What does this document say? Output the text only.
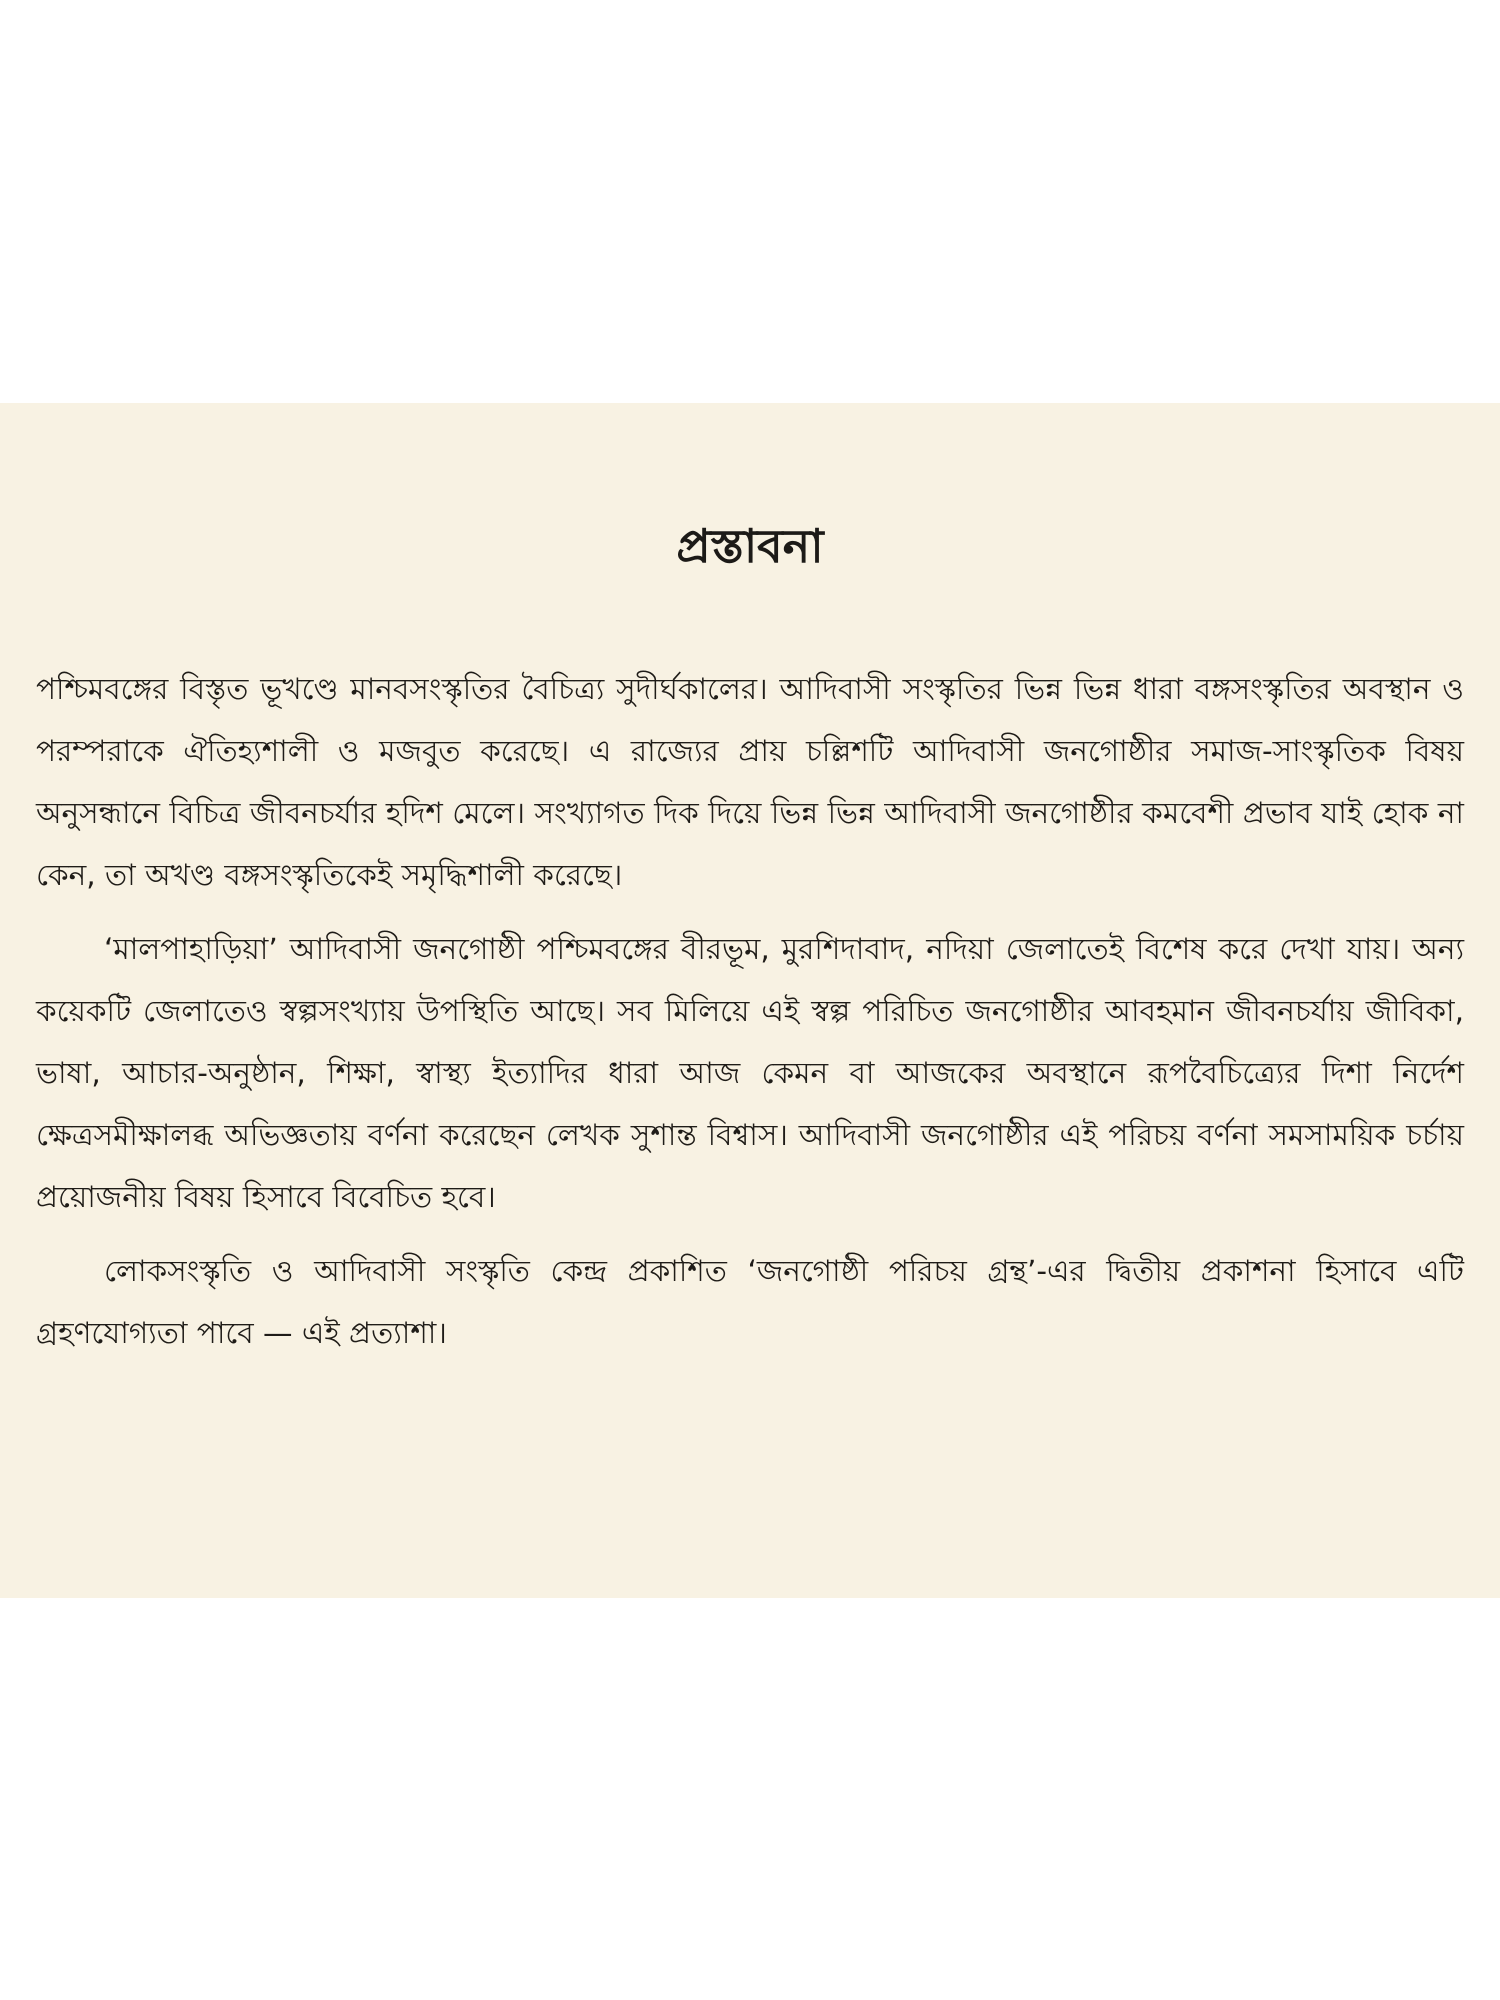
প্রস্তাবনা

পশ্চিমবঙ্গের বিস্তৃত ভূখণ্ডে মানবসংস্কৃতির বৈচিত্র্য সুদীর্ঘকালের। আদিবাসী সংস্কৃতির ভিন্ন ভিন্ন ধারা বঙ্গসংস্কৃতির অবস্থান ও পরম্পরাকে ঐতিহ্যশালী ও মজবুত করেছে। এ রাজ্যের প্রায় চল্লিশটি আদিবাসী জনগোষ্ঠীর সমাজ-সাংস্কৃতিক বিষয় অনুসন্ধানে বিচিত্র জীবনচর্যার হদিশ মেলে। সংখ্যাগত দিক দিয়ে ভিন্ন ভিন্ন আদিবাসী জনগোষ্ঠীর কমবেশী প্রভাব যাই হোক না কেন, তা অখণ্ড বঙ্গসংস্কৃতিকেই সমৃদ্ধিশালী করেছে।

‘মালপাহাড়িয়া’ আদিবাসী জনগোষ্ঠী পশ্চিমবঙ্গের বীরভূম, মুরশিদাবাদ, নদিয়া জেলাতেই বিশেষ করে দেখা যায়। অন্য কয়েকটি জেলাতেও স্বল্পসংখ্যায় উপস্থিতি আছে। সব মিলিয়ে এই স্বল্প পরিচিত জনগোষ্ঠীর আবহমান জীবনচর্যায় জীবিকা, ভাষা, আচার-অনুষ্ঠান, শিক্ষা, স্বাস্থ্য ইত্যাদির ধারা আজ কেমন বা আজকের অবস্থানে রূপবৈচিত্র্যের দিশা নির্দেশ ক্ষেত্রসমীক্ষালব্ধ অভিজ্ঞতায় বর্ণনা করেছেন লেখক সুশান্ত বিশ্বাস। আদিবাসী জনগোষ্ঠীর এই পরিচয় বর্ণনা সমসাময়িক চর্চায় প্রয়োজনীয় বিষয় হিসাবে বিবেচিত হবে।

লোকসংস্কৃতি ও আদিবাসী সংস্কৃতি কেন্দ্র প্রকাশিত ‘জনগোষ্ঠী পরিচয় গ্রন্থ’-এর দ্বিতীয় প্রকাশনা হিসাবে এটি গ্রহণযোগ্যতা পাবে — এই প্রত্যাশা।
